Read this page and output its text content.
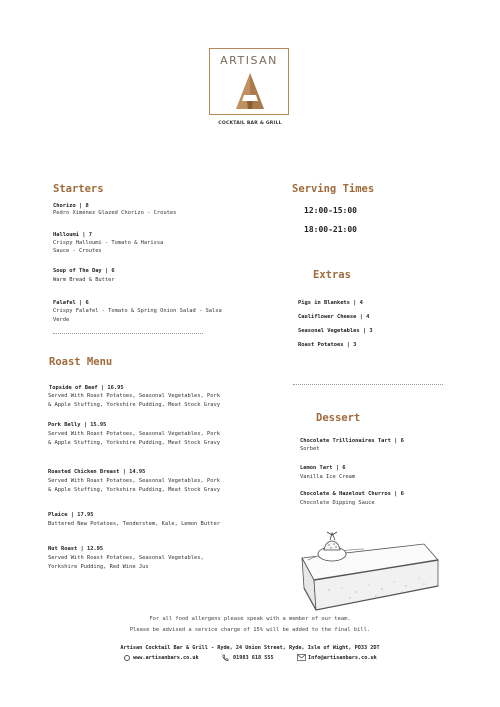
ARTISAN
COCKTAIL BAR & GRILL
Starters
Chorizo | 8
Pedro Ximénez Glazed Chorizo - Croutes
Halloumi | 7
Crispy Halloumi - Tomato & Harissa
Sauce - Croutes
Soup of The Day | 6
Warm Bread & Butter
Falafel | 6
Crispy Falafel - Tomato & Spring Onion Salad - Salsa
Verde
Roast Menu
Topside of Beef | 16.95
Served With Roast Potatoes, Seasonal Vegetables, Pork
& Apple Stuffing, Yorkshire Pudding, Meat Stock Gravy
Pork Belly | 15.95
Served With Roast Potatoes, Seasonal Vegetables, Pork
& Apple Stuffing, Yorkshire Pudding, Meat Stock Gravy
Roasted Chicken Breast | 14.95
Served With Roast Potatoes, Seasonal Vegetables, Pork
& Apple Stuffing, Yorkshire Pudding, Meat Stock Gravy
Plaice | 17.95
Buttered New Potatoes, Tenderstem, Kale, Lemon Butter
Nut Roast | 12.95
Served With Roast Potatoes, Seasonal Vegetables,
Yorkshire Pudding, Red Wine Jus
Serving Times
12:00-15:00
18:00-21:00
Extras
Pigs in Blankets | 4
Cauliflower Cheese | 4
Seasonal Vegetables | 3
Roast Potatoes | 3
Dessert
Chocolate Trillionaires Tart | 6
Sorbet
Lemon Tart | 6
Vanilla Ice Cream
Chocolate & Hazelnut Churros | 6
Chocolate Dipping Sauce
For all food allergens please speak with a member of our team.
Please be advised a service charge of 15% will be added to the final bill.
Artisan Cocktail Bar & Grill - Ryde, 24 Union Street, Ryde, Isle of Wight, PO33 2DT
www.artisanbars.co.uk	01983 618 555	Info@artisanbars.co.uk
